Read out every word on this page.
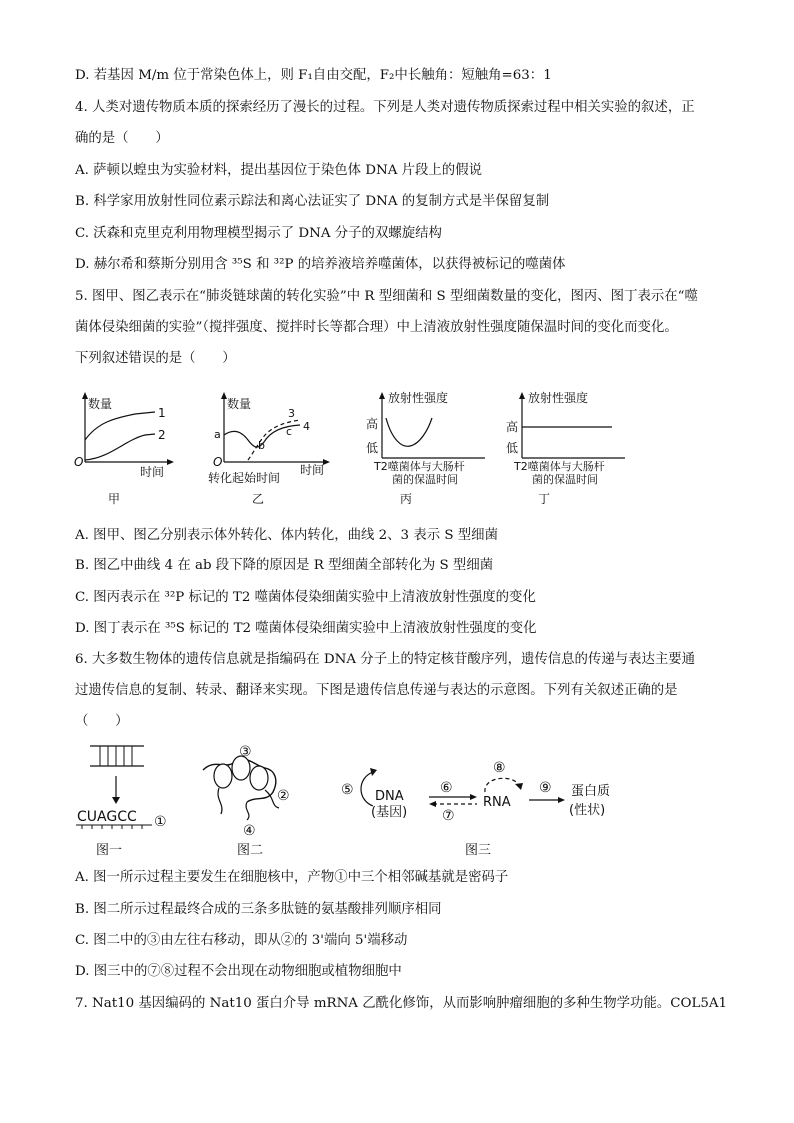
D. 若基因 M/m 位于常染色体上，则 F₁自由交配，F₂中长触角：短触角=63：1
4. 人类对遗传物质本质的探索经历了漫长的过程。下列是人类对遗传物质探索过程中相关实验的叙述，正
确的是（　　）
A. 萨顿以蝗虫为实验材料，提出基因位于染色体 DNA 片段上的假说
B. 科学家用放射性同位素示踪法和离心法证实了 DNA 的复制方式是半保留复制
C. 沃森和克里克利用物理模型揭示了 DNA 分子的双螺旋结构
D. 赫尔希和蔡斯分别用含 ³⁵S 和 ³²P 的培养液培养噬菌体，以获得被标记的噬菌体
5. 图甲、图乙表示在“肺炎链球菌的转化实验”中 R 型细菌和 S 型细菌数量的变化，图丙、图丁表示在“噬
菌体侵染细菌的实验”（搅拌强度、搅拌时长等都合理）中上清液放射性强度随保温时间的变化而变化。
下列叙述错误的是（　　）
数量
O
时间
1
2
甲
数量
O
a
b
c
3
4
时间
转化起始时间
乙
放射性强度
高
低
T2噬菌体与大肠杆
菌的保温时间
丙
放射性强度
高
低
T2噬菌体与大肠杆
菌的保温时间
丁
A. 图甲、图乙分别表示体外转化、体内转化，曲线 2、3 表示 S 型细菌
B. 图乙中曲线 4 在 ab 段下降的原因是 R 型细菌全部转化为 S 型细菌
C. 图丙表示在 ³²P 标记的 T2 噬菌体侵染细菌实验中上清液放射性强度的变化
D. 图丁表示在 ³⁵S 标记的 T2 噬菌体侵染细菌实验中上清液放射性强度的变化
6. 大多数生物体的遗传信息就是指编码在 DNA 分子上的特定核苷酸序列，遗传信息的传递与表达主要通
过遗传信息的复制、转录、翻译来实现。下图是遗传信息传递与表达的示意图。下列有关叙述正确的是
（　　）
CUAGCC ①
图一
③
②
④
图二
⑤ DNA
(基因)
⑥
⑦
⑧
RNA
⑨ 蛋白质
(性状)
图三
A. 图一所示过程主要发生在细胞核中，产物①中三个相邻碱基就是密码子
B. 图二所示过程最终合成的三条多肽链的氨基酸排列顺序相同
C. 图二中的③由左往右移动，即从②的 3'端向 5'端移动
D. 图三中的⑦⑧过程不会出现在动物细胞或植物细胞中
7. Nat10 基因编码的 Nat10 蛋白介导 mRNA 乙酰化修饰，从而影响肿瘤细胞的多种生物学功能。COL5A1
